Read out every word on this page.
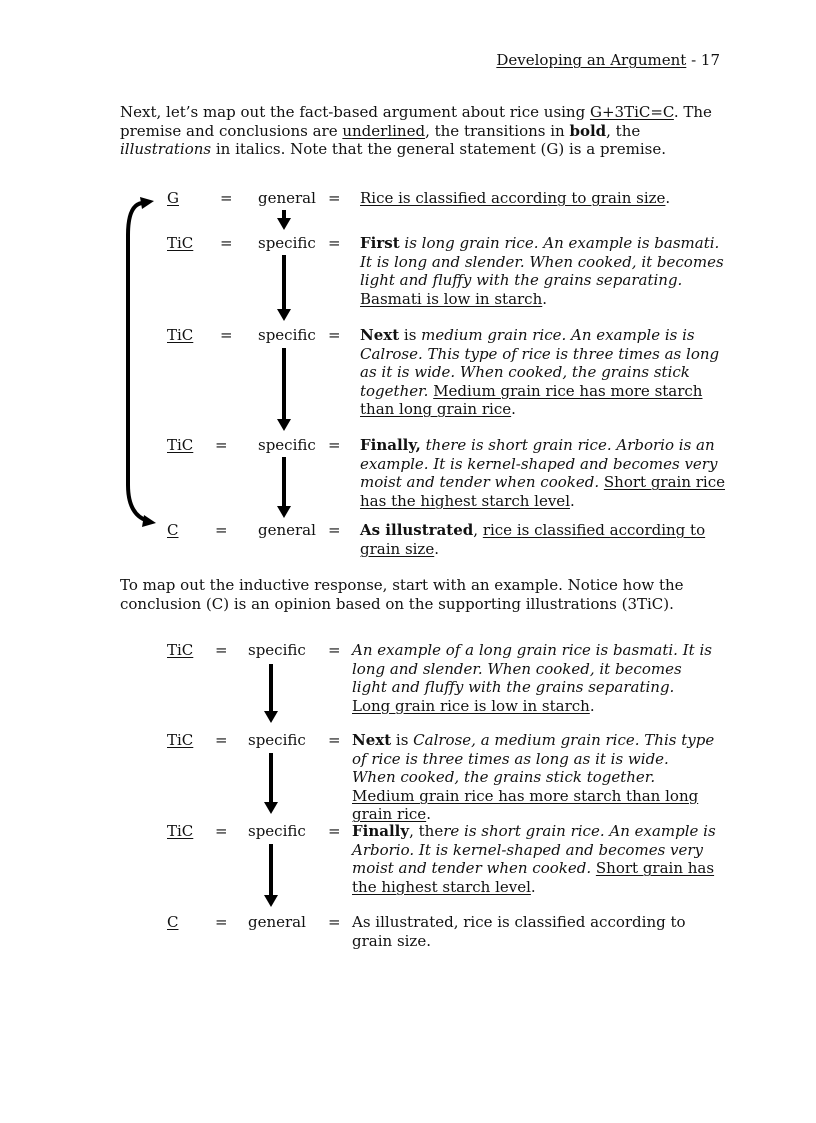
Developing an Argument - 17
Next, let’s map out the fact-based argument about rice using G+3TiC=C. The premise and conclusions are underlined, the transitions in bold, the illustrations in italics. Note that the general statement (G) is a premise.
G	= general = Rice is classified according to grain size.
TiC = specific = First is long grain rice. An example is basmati. It is long and slender. When cooked, it becomes light and fluffy with the grains separating. Basmati is low in starch.
TiC = specific = Next is medium grain rice. An example is is Calrose. This type of rice is three times as long as it is wide. When cooked, the grains stick together. Medium grain rice has more starch than long grain rice.
TiC = specific = Finally, there is short grain rice. Arborio is an example. It is kernel-shaped and becomes very moist and tender when cooked. Short grain rice has the highest starch level.
C = general = As illustrated, rice is classified according to grain size.
To map out the inductive response, start with an example. Notice how the conclusion (C) is an opinion based on the supporting illustrations (3TiC).
TiC = specific = An example of a long grain rice is basmati. It is long and slender. When cooked, it becomes light and fluffy with the grains separating. Long grain rice is low in starch.
TiC = specific = Next is Calrose, a medium grain rice. This type of rice is three times as long as it is wide. When cooked, the grains stick together. Medium grain rice has more starch than long grain rice.
TiC = specific = Finally, there is short grain rice. An example is Arborio. It is kernel-shaped and becomes very moist and tender when cooked. Short grain has the highest starch level.
C = general = As illustrated, rice is classified according to grain size.
